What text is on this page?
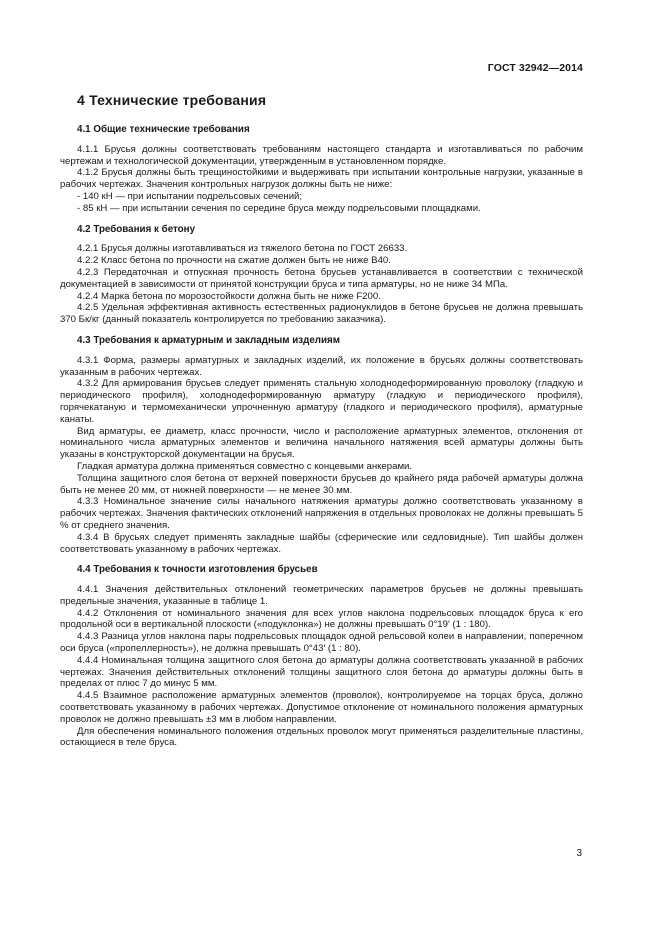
ГОСТ 32942—2014
4 Технические требования
4.1 Общие технические требования

4.1.1 Брусья должны соответствовать требованиям настоящего стандарта и изготавливаться по рабочим чертежам и технологической документации, утвержденным в установленном порядке.

4.1.2 Брусья должны быть трещиностойкими и выдерживать при испытании контрольные нагрузки, указанные в рабочих чертежах. Значения контрольных нагрузок должны быть не ниже:

- 140 кН — при испытании подрельсовых сечений;
- 85 кН — при испытании сечения по середине бруса между подрельсовыми площадками.
4.2 Требования к бетону

4.2.1 Брусья должны изготавливаться из тяжелого бетона по ГОСТ 26633.

4.2.2 Класс бетона по прочности на сжатие должен быть не ниже В40.

4.2.3 Передаточная и отпускная прочность бетона брусьев устанавливается в соответствии с технической документацией в зависимости от принятой конструкции бруса и типа арматуры, но не ниже 34 МПа.

4.2.4 Марка бетона по морозостойкости должна быть не ниже F200.

4.2.5 Удельная эффективная активность естественных радионуклидов в бетоне брусьев не должна превышать 370 Бк/кг (данный показатель контролируется по требованию заказчика).

4.3 Требования к арматурным и закладным изделиям

4.3.1 Форма, размеры арматурных и закладных изделий, их положение в брусьях должны соответствовать указанным в рабочих чертежах.

4.3.2 Для армирования брусьев следует применять стальную холоднодеформированную проволоку (гладкую и периодического профиля), холоднодеформированную арматуру (гладкую и периодического профиля), горячекатаную и термомеханически упрочненную арматуру (гладкого и периодического профиля), арматурные канаты.

Вид арматуры, ее диаметр, класс прочности, число и расположение арматурных элементов, отклонения от номинального числа арматурных элементов и величина начального натяжения всей арматуры должны быть указаны в конструкторской документации на брусья.

Гладкая арматура должна применяться совместно с концевыми анкерами.

Толщина защитного слоя бетона от верхней поверхности брусьев до крайнего ряда рабочей арматуры должна быть не менее 20 мм, от нижней поверхности — не менее 30 мм.

4.3.3 Номинальное значение силы начального натяжения арматуры должно соответствовать указанному в рабочих чертежах. Значения фактических отклонений напряжения в отдельных проволоках не должны превышать 5 % от среднего значения.

4.3.4 В брусьях следует применять закладные шайбы (сферические или седловидные). Тип шайбы должен соответствовать указанному в рабочих чертежах.

4.4 Требования к точности изготовления брусьев

4.4.1 Значения действительных отклонений геометрических параметров брусьев не должны превышать предельные значения, указанные в таблице 1.

4.4.2 Отклонения от номинального значения для всех углов наклона подрельсовых площадок бруса к его продольной оси в вертикальной плоскости («подуклонка») не должны превышать 0°19′ (1 : 180).

4.4.3 Разница углов наклона пары подрельсовых площадок одной рельсовой колеи в направлении, поперечном оси бруса («пропеллерность»), не должна превышать 0°43′ (1 : 80).

4.4.4 Номинальная толщина защитного слоя бетона до арматуры должна соответствовать указанной в рабочих чертежах. Значения действительных отклонений толщины защитного слоя бетона до арматуры должны быть в пределах от плюс 7 до минус 5 мм.

4.4.5 Взаимное расположение арматурных элементов (проволок), контролируемое на торцах бруса, должно соответствовать указанному в рабочих чертежах. Допустимое отклонение от номинального положения арматурных проволок не должно превышать ±3 мм в любом направлении.

Для обеспечения номинального положения отдельных проволок могут применяться разделительные пластины, остающиеся в теле бруса.

3
